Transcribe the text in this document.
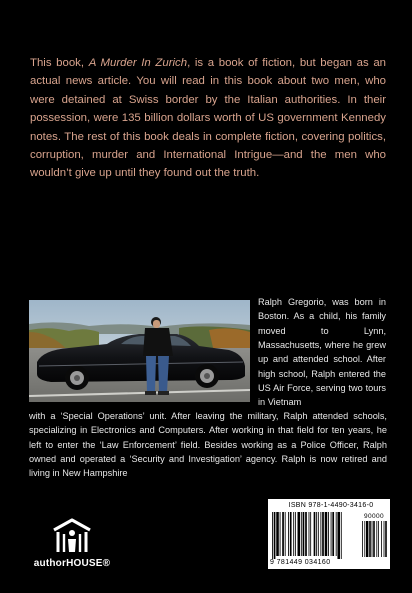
This book, A Murder In Zurich, is a book of fiction, but began as an actual news article. You will read in this book about two men, who were detained at Swiss border by the Italian authorities. In their possession, were 135 billion dollars worth of US government Kennedy notes. The rest of this book deals in complete fiction, covering politics, corruption, murder and International Intrigue—and the men who wouldn’t give up until they found out the truth.

Ralph Gregorio, was born in Boston. As a child, his family moved to Lynn, Massachusetts, where he grew up and attended school. After high school, Ralph entered the US Air Force, serving two tours in Vietnam

with a ‘Special Operations’ unit. After leaving the military, Ralph attended schools, specializing in Electronics and Computers. After working in that field for ten years, he left to enter the ‘Law Enforcement’ field. Besides working as a Police Officer, Ralph owned and operated a ‘Security and Investigation’ agency. Ralph is now retired and living in New Hampshire

authorHOUSE®
ISBN 978-1-4490-3416-0
90000
9 781449 034160
